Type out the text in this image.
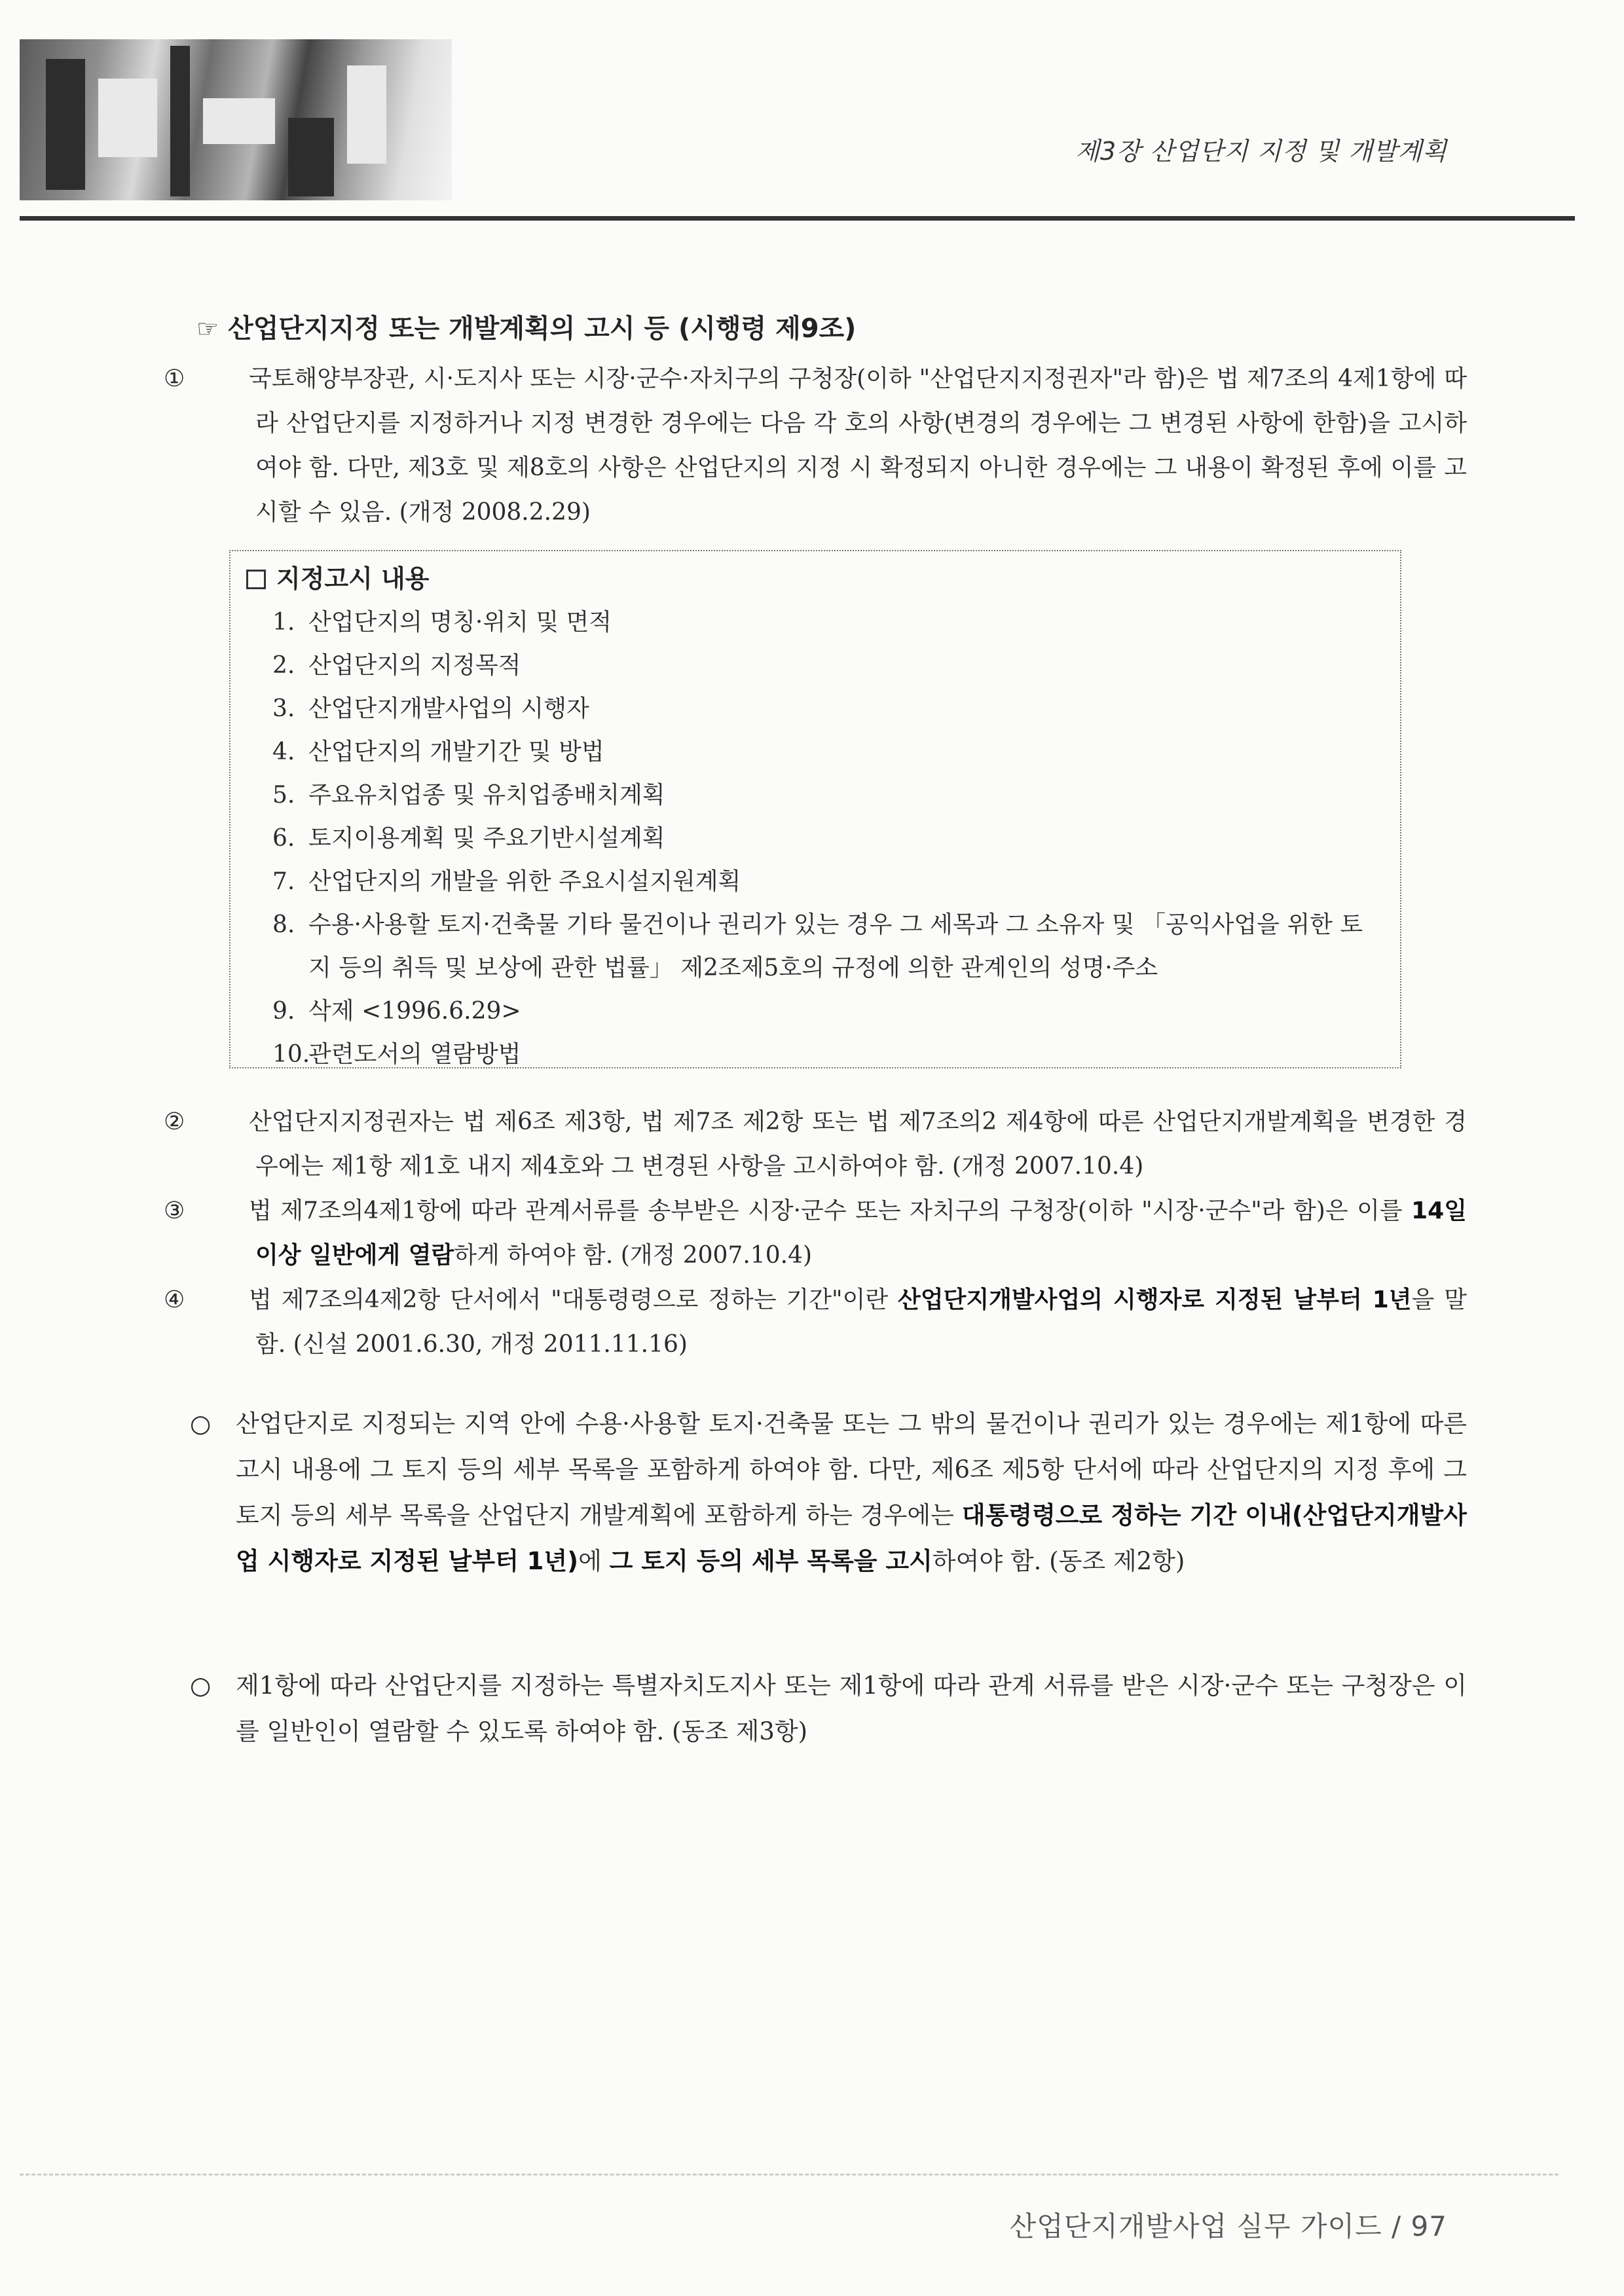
제3장 산업단지 지정 및 개발계획
☞ 산업단지지정 또는 개발계획의 고시 등 (시행령 제9조)
①	국토해양부장관, 시·도지사 또는 시장·군수·자치구의 구청장(이하 "산업단지지정권자"라 함)은 법 제7조의 4제1항에 따라 산업단지를 지정하거나 지정 변경한 경우에는 다음 각 호의 사항(변경의 경우에는 그 변경된 사항에 한함)을 고시하여야 함. 다만, 제3호 및 제8호의 사항은 산업단지의 지정 시 확정되지 아니한 경우에는 그 내용이 확정된 후에 이를 고시할 수 있음. (개정 2008.2.29)
지정고시 내용
1. 산업단지의 명칭·위치 및 면적
2. 산업단지의 지정목적
3. 산업단지개발사업의 시행자
4. 산업단지의 개발기간 및 방법
5. 주요유치업종 및 유치업종배치계획
6. 토지이용계획 및 주요기반시설계획
7. 산업단지의 개발을 위한 주요시설지원계획
8. 수용·사용할 토지·건축물 기타 물건이나 권리가 있는 경우 그 세목과 그 소유자 및 「공익사업을 위한 토지 등의 취득 및 보상에 관한 법률」 제2조제5호의 규정에 의한 관계인의 성명·주소
9. 삭제 <1996.6.29>
10.관련도서의 열람방법
②	산업단지지정권자는 법 제6조 제3항, 법 제7조 제2항 또는 법 제7조의2 제4항에 따른 산업단지개발계획을 변경한 경우에는 제1항 제1호 내지 제4호와 그 변경된 사항을 고시하여야 함. (개정 2007.10.4)
③	법 제7조의4제1항에 따라 관계서류를 송부받은 시장·군수 또는 자치구의 구청장(이하 "시장·군수"라 함)은 이를 14일 이상 일반에게 열람하게 하여야 함. (개정 2007.10.4)
④	법 제7조의4제2항 단서에서 "대통령령으로 정하는 기간"이란 산업단지개발사업의 시행자로 지정된 날부터 1년을 말함. (신설 2001.6.30, 개정 2011.11.16)
○ 산업단지로 지정되는 지역 안에 수용·사용할 토지·건축물 또는 그 밖의 물건이나 권리가 있는 경우에는 제1항에 따른 고시 내용에 그 토지 등의 세부 목록을 포함하게 하여야 함. 다만, 제6조 제5항 단서에 따라 산업단지의 지정 후에 그 토지 등의 세부 목록을 산업단지 개발계획에 포함하게 하는 경우에는 대통령령으로 정하는 기간 이내(산업단지개발사업 시행자로 지정된 날부터 1년)에 그 토지 등의 세부 목록을 고시하여야 함. (동조 제2항)
○ 제1항에 따라 산업단지를 지정하는 특별자치도지사 또는 제1항에 따라 관계 서류를 받은 시장·군수 또는 구청장은 이를 일반인이 열람할 수 있도록 하여야 함. (동조 제3항)
산업단지개발사업 실무 가이드 / 97
